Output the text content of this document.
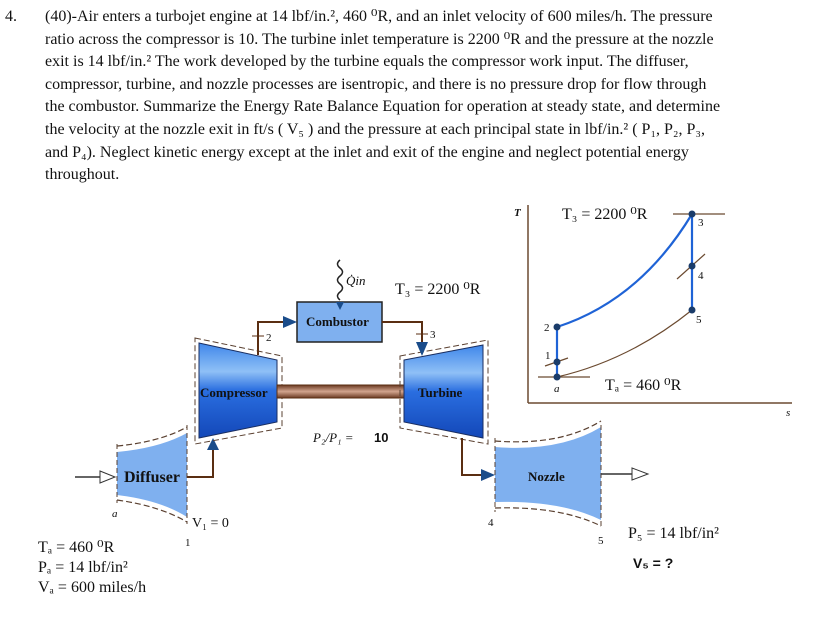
4. (40)-Air enters a turbojet engine at 14 lbf/in.², 460 ⁰R, and an inlet velocity of 600 miles/h. The pressure
ratio across the compressor is 10. The turbine inlet temperature is 2200 ⁰R and the pressure at the nozzle
exit is 14 lbf/in.² The work developed by the turbine equals the compressor work input. The diffuser,
compressor, turbine, and nozzle processes are isentropic, and there is no pressure drop for flow through
the combustor. Summarize the Energy Rate Balance Equation for operation at steady state, and determine
the velocity at the nozzle exit in ft/s ( V₅ ) and the pressure at each principal state in lbf/in.² ( P₁, P₂, P₃,
and P₄). Neglect kinetic energy except at the inlet and exit of the engine and neglect potential energy
throughout.
T
s
3
4
5
2
1
a
T₃ = 2200 ⁰R
Tₐ = 460 ⁰R
Diffuser
Compressor	Turbine
2
Combustor
Q̇in
T₃ = 2200 ⁰R
3
P₂/P₁ = 10
Nozzle
a
1
V₁ = 0	4
5
Tₐ = 460 ⁰R
Pₐ = 14 lbf/in²
Vₐ = 600 miles/h
P₅ = 14 lbf/in²
V₅ = ?
